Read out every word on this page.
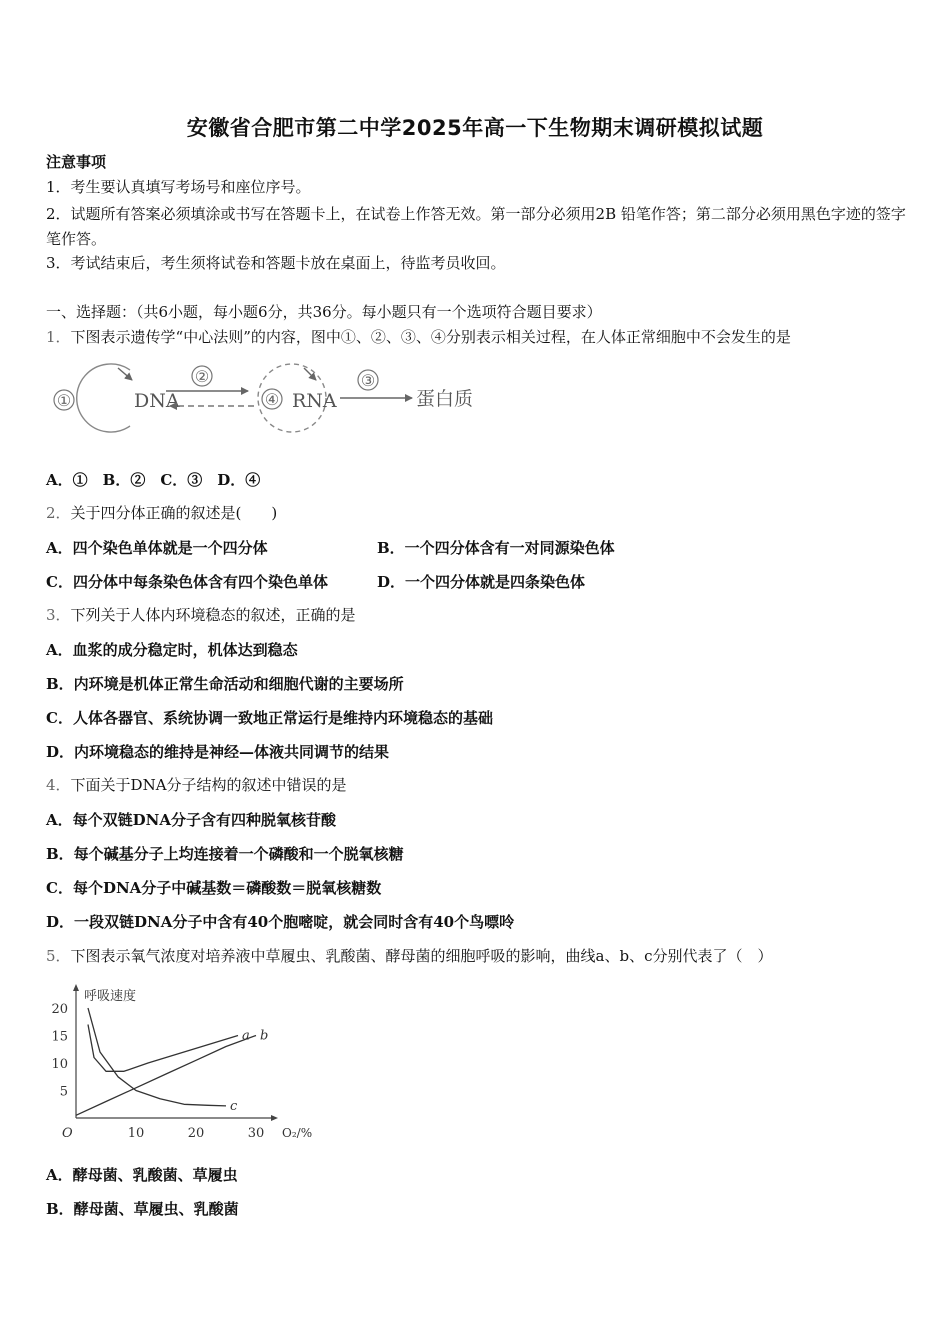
安徽省合肥市第二中学2025年高一下生物期末调研模拟试题
注意事项
1．考生要认真填写考场号和座位序号。
2．试题所有答案必须填涂或书写在答题卡上，在试卷上作答无效。第一部分必须用2B 铅笔作答；第二部分必须用黑色字迹的签字笔作答。
3．考试结束后，考生须将试卷和答题卡放在桌面上，待监考员收回。
一、选择题：（共6小题，每小题6分，共36分。每小题只有一个选项符合题目要求）
1．下图表示遗传学“中心法则”的内容，图中①、②、③、④分别表示相关过程，在人体正常细胞中不会发生的是
①	DNA
②
④ RNA
③
蛋白质
A．①　B．②　C．③　D．④
2．关于四分体正确的叙述是(　　)
A．四个染色单体就是一个四分体	B．一个四分体含有一对同源染色体
C．四分体中每条染色体含有四个染色单体	D．一个四分体就是四条染色体
3．下列关于人体内环境稳态的叙述，正确的是
A．血浆的成分稳定时，机体达到稳态
B．内环境是机体正常生命活动和细胞代谢的主要场所
C．人体各器官、系统协调一致地正常运行是维持内环境稳态的基础
D．内环境稳态的维持是神经—体液共同调节的结果
4．下面关于DNA分子结构的叙述中错误的是
A．每个双链DNA分子含有四种脱氧核苷酸
B．每个碱基分子上均连接着一个磷酸和一个脱氧核糖
C．每个DNA分子中碱基数＝磷酸数＝脱氧核糖数
D．一段双链DNA分子中含有40个胞嘧啶，就会同时含有40个鸟嘌呤
5．下图表示氧气浓度对培养液中草履虫、乳酸菌、酵母菌的细胞呼吸的影响，曲线a、b、c分别代表了（　）
10	20	30
5
10
15
20
a b
c
呼吸速度
O₂/%
O
A．酵母菌、乳酸菌、草履虫
B．酵母菌、草履虫、乳酸菌
